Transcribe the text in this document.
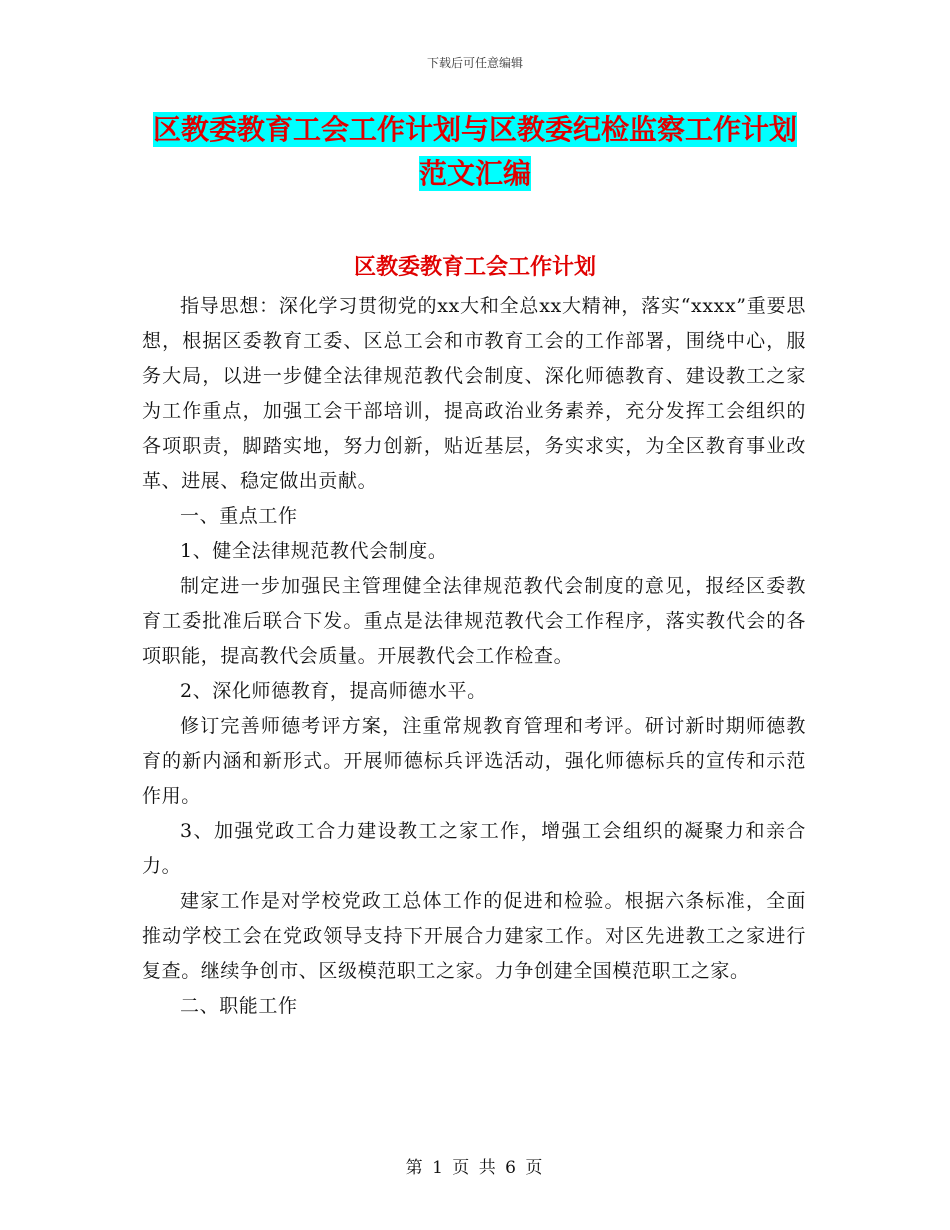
下载后可任意编辑
区教委教育工会工作计划与区教委纪检监察工作计划
范文汇编
区教委教育工会工作计划

指导思想：深化学习贯彻党的xx大和全总xx大精神，落实“xxxx”重要思想，根据区委教育工委、区总工会和市教育工会的工作部署，围绕中心，服务大局，以进一步健全法律规范教代会制度、深化师德教育、建设教工之家为工作重点，加强工会干部培训，提高政治业务素养，充分发挥工会组织的各项职责，脚踏实地，努力创新，贴近基层，务实求实，为全区教育事业改革、进展、稳定做出贡献。

一、重点工作

1、健全法律规范教代会制度。

制定进一步加强民主管理健全法律规范教代会制度的意见，报经区委教育工委批准后联合下发。重点是法律规范教代会工作程序，落实教代会的各项职能，提高教代会质量。开展教代会工作检查。

2、深化师德教育，提高师德水平。

修订完善师德考评方案，注重常规教育管理和考评。研讨新时期师德教育的新内涵和新形式。开展师德标兵评选活动，强化师德标兵的宣传和示范作用。

3、加强党政工合力建设教工之家工作，增强工会组织的凝聚力和亲合力。

建家工作是对学校党政工总体工作的促进和检验。根据六条标准，全面推动学校工会在党政领导支持下开展合力建家工作。对区先进教工之家进行复查。继续争创市、区级模范职工之家。力争创建全国模范职工之家。

二、职能工作

第 1 页 共 6 页
